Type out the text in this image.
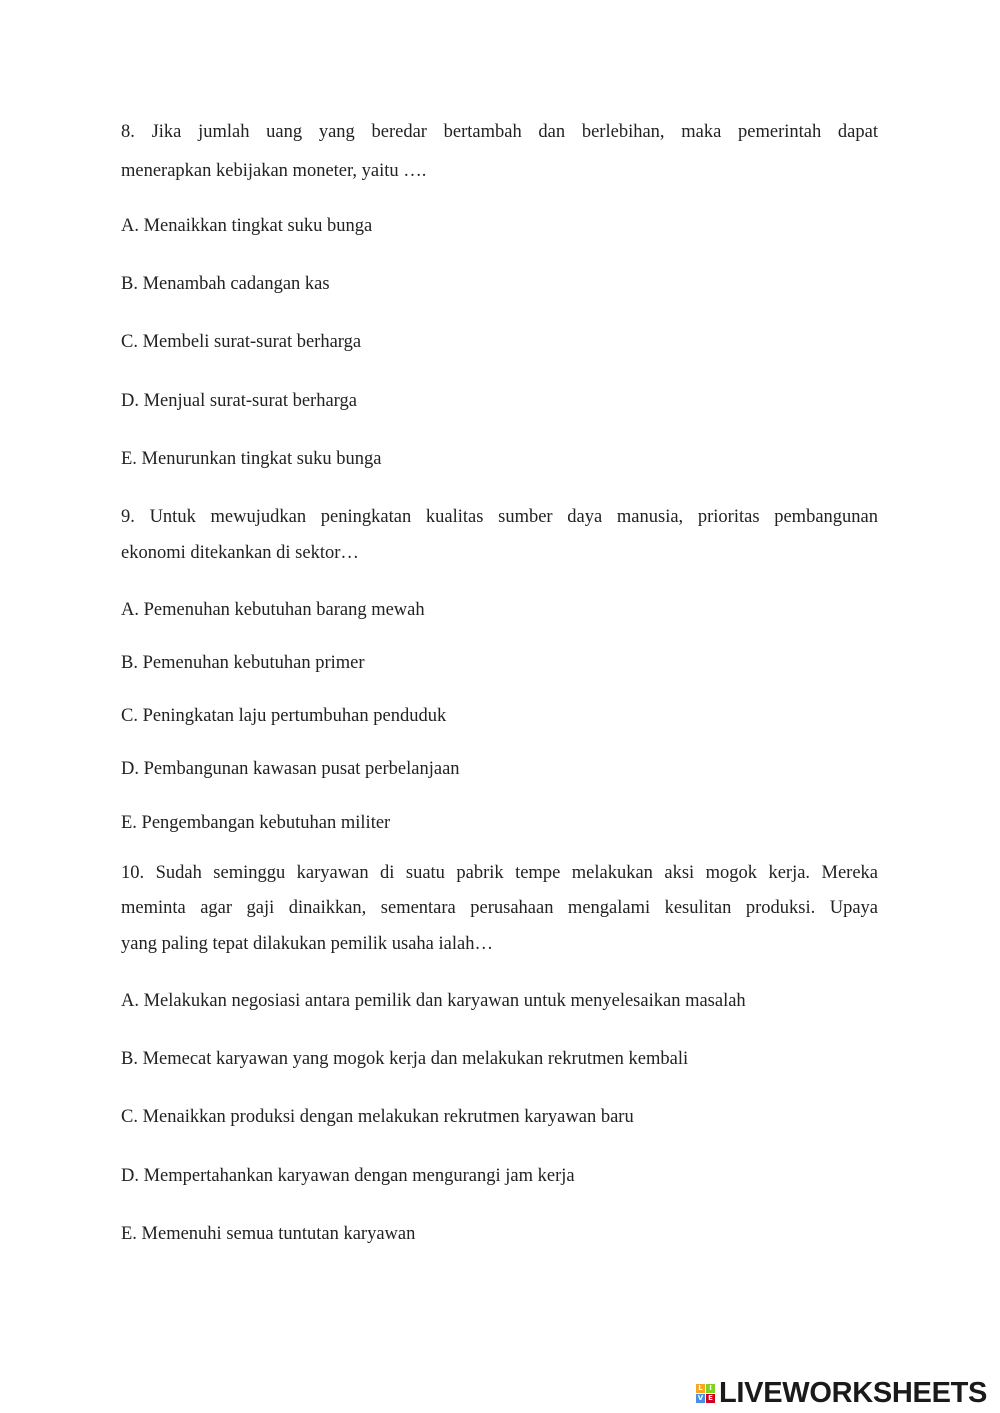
8. Jika jumlah uang yang beredar bertambah dan berlebihan, maka pemerintah dapat

menerapkan kebijakan moneter, yaitu ….

A. Menaikkan tingkat suku bunga

B. Menambah cadangan kas

C. Membeli surat-surat berharga

D. Menjual surat-surat berharga

E. Menurunkan tingkat suku bunga

9. Untuk mewujudkan peningkatan kualitas sumber daya manusia, prioritas pembangunan

ekonomi ditekankan di sektor…

A. Pemenuhan kebutuhan barang mewah

B. Pemenuhan kebutuhan primer

C. Peningkatan laju pertumbuhan penduduk

D. Pembangunan kawasan pusat perbelanjaan

E. Pengembangan kebutuhan militer

10. Sudah seminggu karyawan di suatu pabrik tempe melakukan aksi mogok kerja. Mereka

meminta agar gaji dinaikkan, sementara perusahaan mengalami kesulitan produksi. Upaya

yang paling tepat dilakukan pemilik usaha ialah…

A. Melakukan negosiasi antara pemilik dan karyawan untuk menyelesaikan masalah

B. Memecat karyawan yang mogok kerja dan melakukan rekrutmen kembali

C. Menaikkan produksi dengan melakukan rekrutmen karyawan baru

D. Mempertahankan karyawan dengan mengurangi jam kerja

E. Memenuhi semua tuntutan karyawan

L I
V E LIVEWORKSHEETS
